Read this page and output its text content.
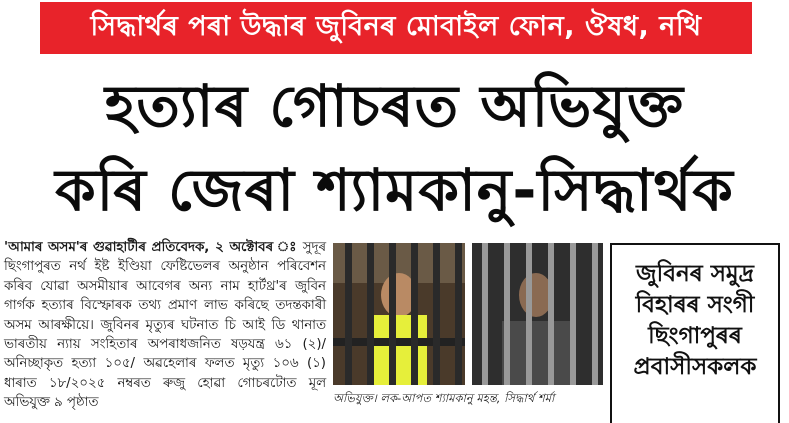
সিদ্ধাৰ্থৰ পৰা উদ্ধাৰ জুবিনৰ মোবাইল ফোন, ঔষধ, নথি
হত্যাৰ গোচৰত অভিযুক্ত
কৰি জেৰা শ্যামকানু-সিদ্ধাৰ্থক

'আমাৰ অসম'ৰ গুৱাহাটীৰ প্ৰতিবেদক, ২ অক্টোবৰ ঃ সুদূৰ ছিংগাপুৰত নৰ্থ ইষ্ট ইণ্ডিয়া ফেষ্টিভেলৰ অনুষ্ঠান পৰিবেশন কৰিব যোৱা অসমীয়াৰ আবেগৰ অন্য নাম হাৰ্টথ্ৰ'ৰ জুবিন গাৰ্গক হত্যাৰ বিস্ফোৰক তথ্য প্ৰমাণ লাভ কৰিছে তদন্তকাৰী অসম আৰক্ষীয়ে। জুবিনৰ মৃত্যুৰ ঘটনাত চি আই ডি থানাত ভাৰতীয় ন্যায় সংহিতাৰ অপৰাধজনিত ষড়যন্ত্ৰ ৬১ (২)/ অনিচ্ছাকৃত হত্যা ১০৫/ অৱহেলাৰ ফলত মৃত্যু ১০৬ (১) ধাৰাত ১৮/২০২৫ নম্বৰত ৰুজু হোৱা গোচৰটোত মূল অভিযুক্ত ৯ পৃষ্ঠাত	অভিযুক্ত। লক-আপত শ্যামকানু মহন্ত, সিদ্ধাৰ্থ শৰ্মা
জুবিনৰ সমুদ্ৰ
বিহাৰৰ সংগী
ছিংগাপুৰৰ
প্ৰবাসীসকলক
